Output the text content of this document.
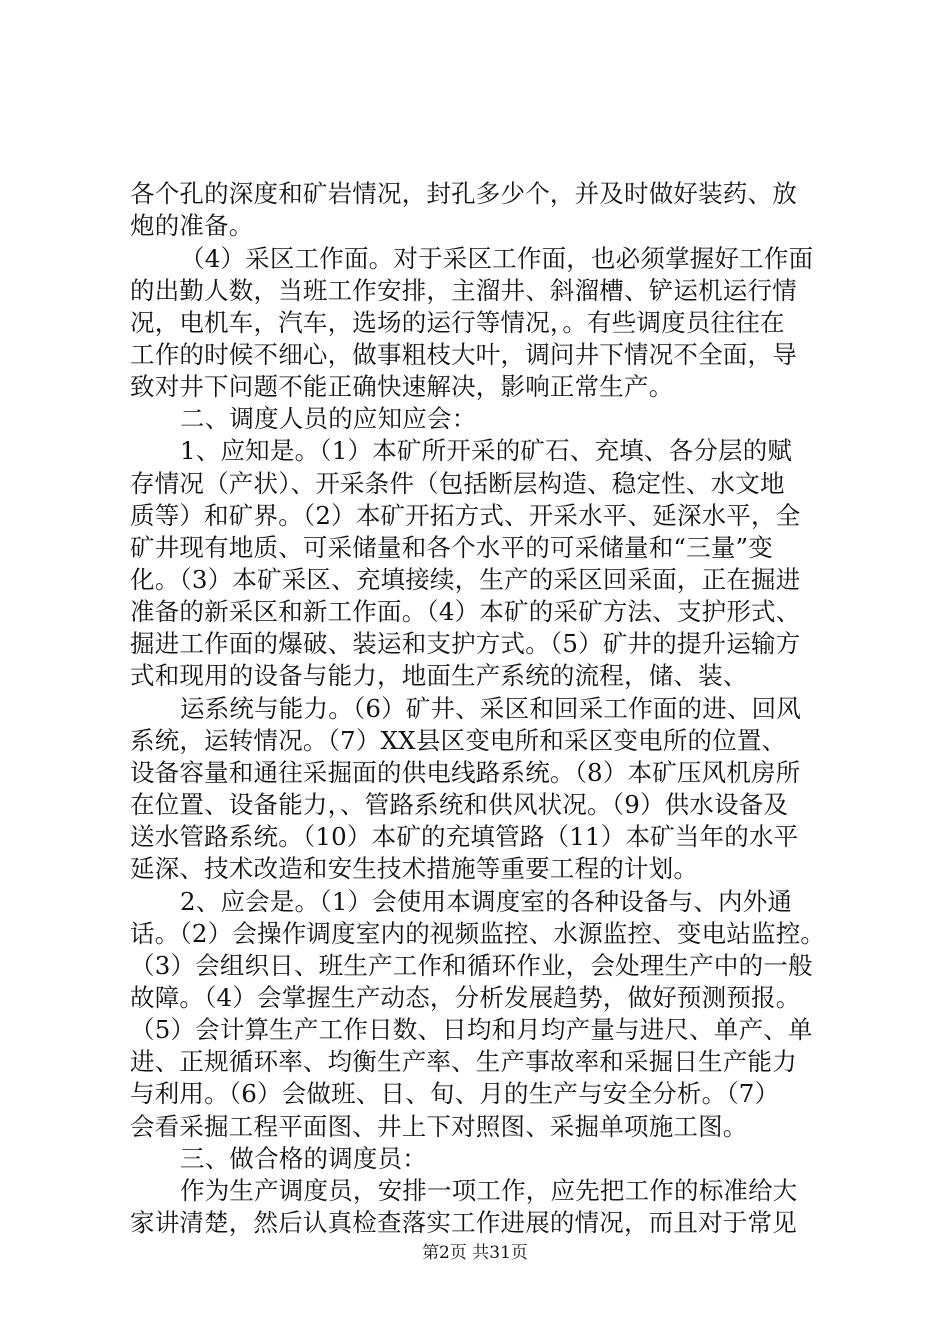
各个孔的深度和矿岩情况，封孔多少个，并及时做好装药、放
炮的准备。
（4）采区工作面。对于采区工作面，也必须掌握好工作面
的出勤人数，当班工作安排，主溜井、斜溜槽、铲运机运行情
况，电机车，汽车，选场的运行等情况，。有些调度员往往在
工作的时候不细心，做事粗枝大叶，调问井下情况不全面，导
致对井下问题不能正确快速解决，影响正常生产。
二、调度人员的应知应会：
1、应知是。（1）本矿所开采的矿石、充填、各分层的赋
存情况（产状）、开采条件（包括断层构造、稳定性、水文地
质等）和矿界。（2）本矿开拓方式、开采水平、延深水平，全
矿井现有地质、可采储量和各个水平的可采储量和“三量”变
化。（3）本矿采区、充填接续，生产的采区回采面，正在掘进
准备的新采区和新工作面。（4）本矿的采矿方法、支护形式、
掘进工作面的爆破、装运和支护方式。（5）矿井的提升运输方
式和现用的设备与能力，地面生产系统的流程，储、装、
运系统与能力。（6）矿井、采区和回采工作面的进、回风
系统，运转情况。（7）XX县区变电所和采区变电所的位置、
设备容量和通往采掘面的供电线路系统。（8）本矿压风机房所
在位置、设备能力，、管路系统和供风状况。（9）供水设备及
送水管路系统。（10）本矿的充填管路（11）本矿当年的水平
延深、技术改造和安生技术措施等重要工程的计划。
2、应会是。（1）会使用本调度室的各种设备与、内外通
话。（2）会操作调度室内的视频监控、水源监控、变电站监控。
（3）会组织日、班生产工作和循环作业，会处理生产中的一般
故障。（4）会掌握生产动态，分析发展趋势，做好预测预报。
（5）会计算生产工作日数、日均和月均产量与进尺、单产、单
进、正规循环率、均衡生产率、生产事故率和采掘日生产能力
与利用。（6）会做班、日、旬、月的生产与安全分析。（7）
会看采掘工程平面图、井上下对照图、采掘单项施工图。
三、做合格的调度员：
作为生产调度员，安排一项工作，应先把工作的标准给大
家讲清楚，然后认真检查落实工作进展的情况，而且对于常见
第2页 共31页
